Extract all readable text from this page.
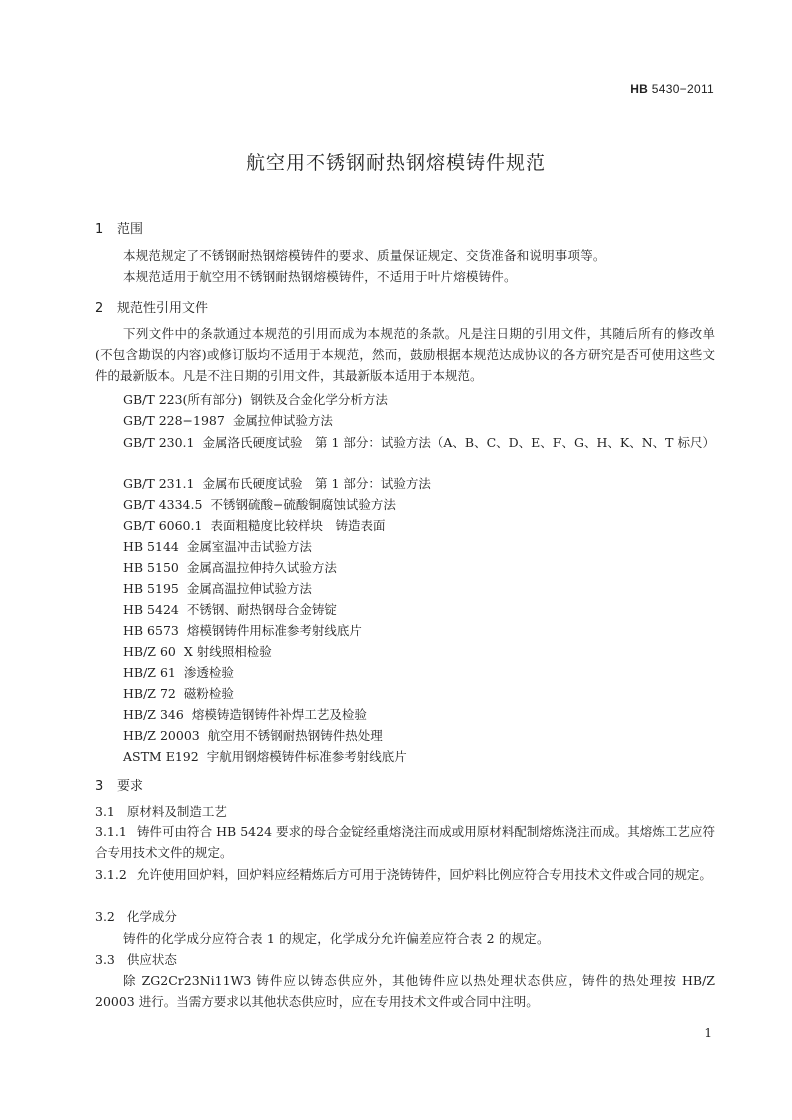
HB 5430−2011
航空用不锈钢耐热钢熔模铸件规范
1 范围
本规范规定了不锈钢耐热钢熔模铸件的要求、质量保证规定、交货准备和说明事项等。
本规范适用于航空用不锈钢耐热钢熔模铸件，不适用于叶片熔模铸件。
2 规范性引用文件
下列文件中的条款通过本规范的引用而成为本规范的条款。凡是注日期的引用文件，其随后所有的修改单(不包含勘误的内容)或修订版均不适用于本规范，然而，鼓励根据本规范达成协议的各方研究是否可使用这些文件的最新版本。凡是不注日期的引用文件，其最新版本适用于本规范。
GB/T 223(所有部分) 钢铁及合金化学分析方法
GB/T 228−1987 金属拉伸试验方法
GB/T 230.1 金属洛氏硬度试验　第 1 部分：试验方法（A、B、C、D、E、F、G、H、K、N、T 标尺）
GB/T 231.1 金属布氏硬度试验　第 1 部分：试验方法
GB/T 4334.5 不锈钢硫酸−硫酸铜腐蚀试验方法
GB/T 6060.1 表面粗糙度比较样块　铸造表面
HB 5144 金属室温冲击试验方法
HB 5150 金属高温拉伸持久试验方法
HB 5195 金属高温拉伸试验方法
HB 5424 不锈钢、耐热钢母合金铸锭
HB 6573 熔模钢铸件用标准参考射线底片
HB/Z 60 X 射线照相检验
HB/Z 61 渗透检验
HB/Z 72 磁粉检验
HB/Z 346 熔模铸造钢铸件补焊工艺及检验
HB/Z 20003 航空用不锈钢耐热钢铸件热处理
ASTM E192 宇航用钢熔模铸件标准参考射线底片
3 要求
3.1 原材料及制造工艺
3.1.1 铸件可由符合 HB 5424 要求的母合金锭经重熔浇注而成或用原材料配制熔炼浇注而成。其熔炼工艺应符合专用技术文件的规定。
3.1.2 允许使用回炉料，回炉料应经精炼后方可用于浇铸铸件，回炉料比例应符合专用技术文件或合同的规定。
3.2 化学成分
铸件的化学成分应符合表 1 的规定，化学成分允许偏差应符合表 2 的规定。
3.3 供应状态
除 ZG2Cr23Ni11W3 铸件应以铸态供应外，其他铸件应以热处理状态供应，铸件的热处理按 HB/Z 20003 进行。当需方要求以其他状态供应时，应在专用技术文件或合同中注明。
1
